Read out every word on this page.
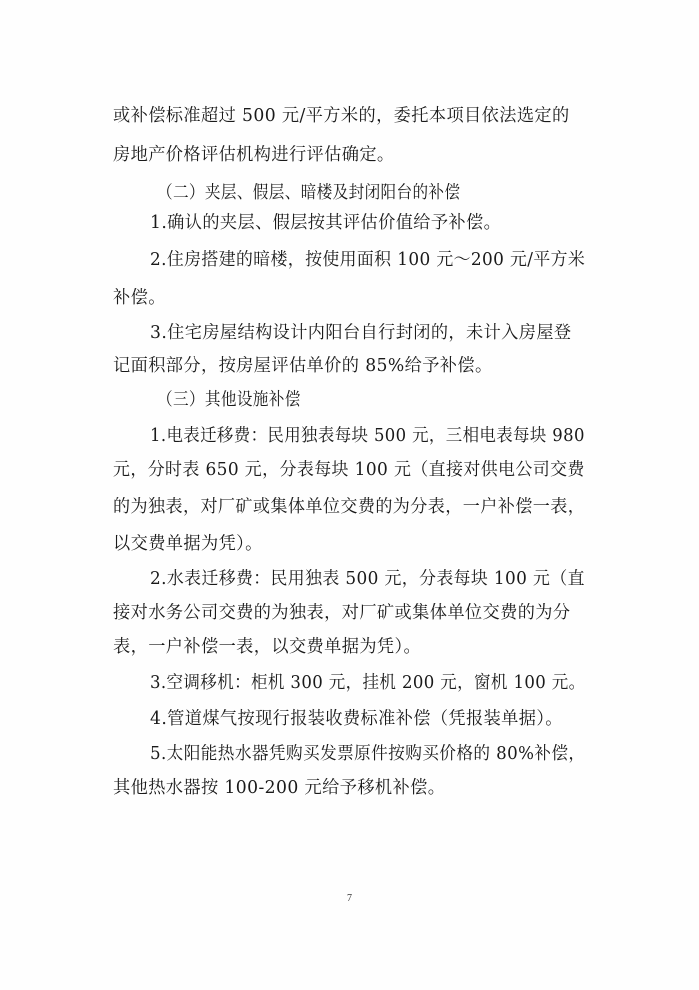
或补偿标准超过 500 元/平方米的，委托本项目依法选定的
房地产价格评估机构进行评估确定。
（二）夹层、假层、暗楼及封闭阳台的补偿
1.确认的夹层、假层按其评估价值给予补偿。
2.住房搭建的暗楼，按使用面积 100 元～200 元/平方米
补偿。
3.住宅房屋结构设计内阳台自行封闭的，未计入房屋登
记面积部分，按房屋评估单价的 85%给予补偿。
（三）其他设施补偿
1.电表迁移费：民用独表每块 500 元，三相电表每块 980
元，分时表 650 元，分表每块 100 元（直接对供电公司交费
的为独表，对厂矿或集体单位交费的为分表，一户补偿一表，
以交费单据为凭）。
2.水表迁移费：民用独表 500 元，分表每块 100 元（直
接对水务公司交费的为独表，对厂矿或集体单位交费的为分
表，一户补偿一表，以交费单据为凭）。
3.空调移机：柜机 300 元，挂机 200 元，窗机 100 元。
4.管道煤气按现行报装收费标准补偿（凭报装单据）。
5.太阳能热水器凭购买发票原件按购买价格的 80%补偿，
其他热水器按 100-200 元给予移机补偿。
7
